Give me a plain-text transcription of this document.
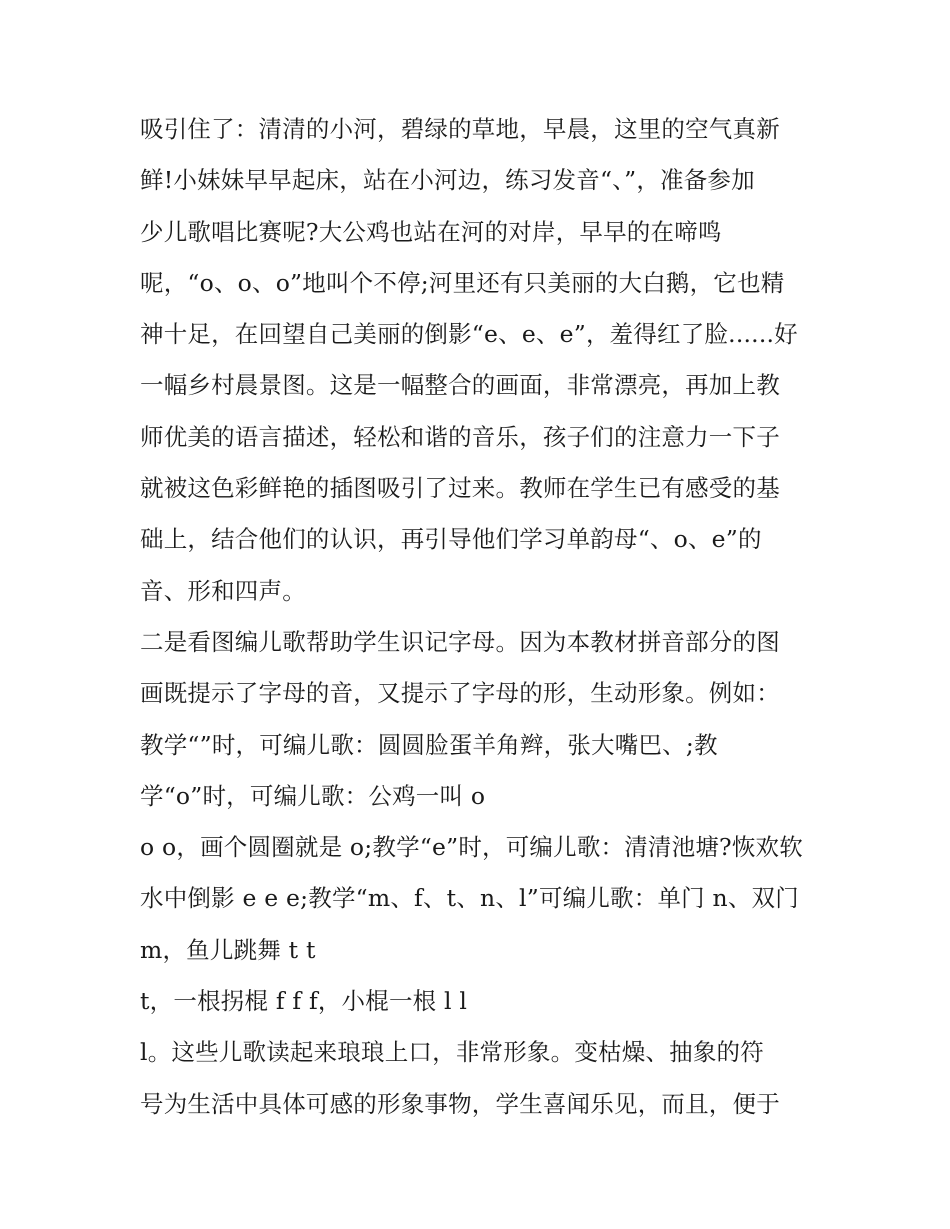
吸引住了：清清的小河，碧绿的草地，早晨，这里的空气真新
鲜!小妹妹早早起床，站在小河边，练习发音“、”，准备参加
少儿歌唱比赛呢?大公鸡也站在河的对岸，早早的在啼鸣
呢，“o、o、o”地叫个不停;河里还有只美丽的大白鹅，它也精
神十足，在回望自己美丽的倒影“e、e、e”，羞得红了脸......好
一幅乡村晨景图。这是一幅整合的画面，非常漂亮，再加上教
师优美的语言描述，轻松和谐的音乐，孩子们的注意力一下子
就被这色彩鲜艳的插图吸引了过来。教师在学生已有感受的基
础上，结合他们的认识，再引导他们学习单韵母“、o、e”的
音、形和四声。
二是看图编儿歌帮助学生识记字母。因为本教材拼音部分的图
画既提示了字母的音，又提示了字母的形，生动形象。例如：
教学“”时，可编儿歌：圆圆脸蛋羊角辫，张大嘴巴、;教
学“o”时，可编儿歌：公鸡一叫 o
o o，画个圆圈就是 o;教学“e”时，可编儿歌：清清池塘?恢欢软
水中倒影 e e e;教学“m、f、t、n、l”可编儿歌：单门 n、双门
m，鱼儿跳舞 t t
t，一根拐棍 f f f，小棍一根 l l
l。这些儿歌读起来琅琅上口，非常形象。变枯燥、抽象的符
号为生活中具体可感的形象事物，学生喜闻乐见，而且，便于
